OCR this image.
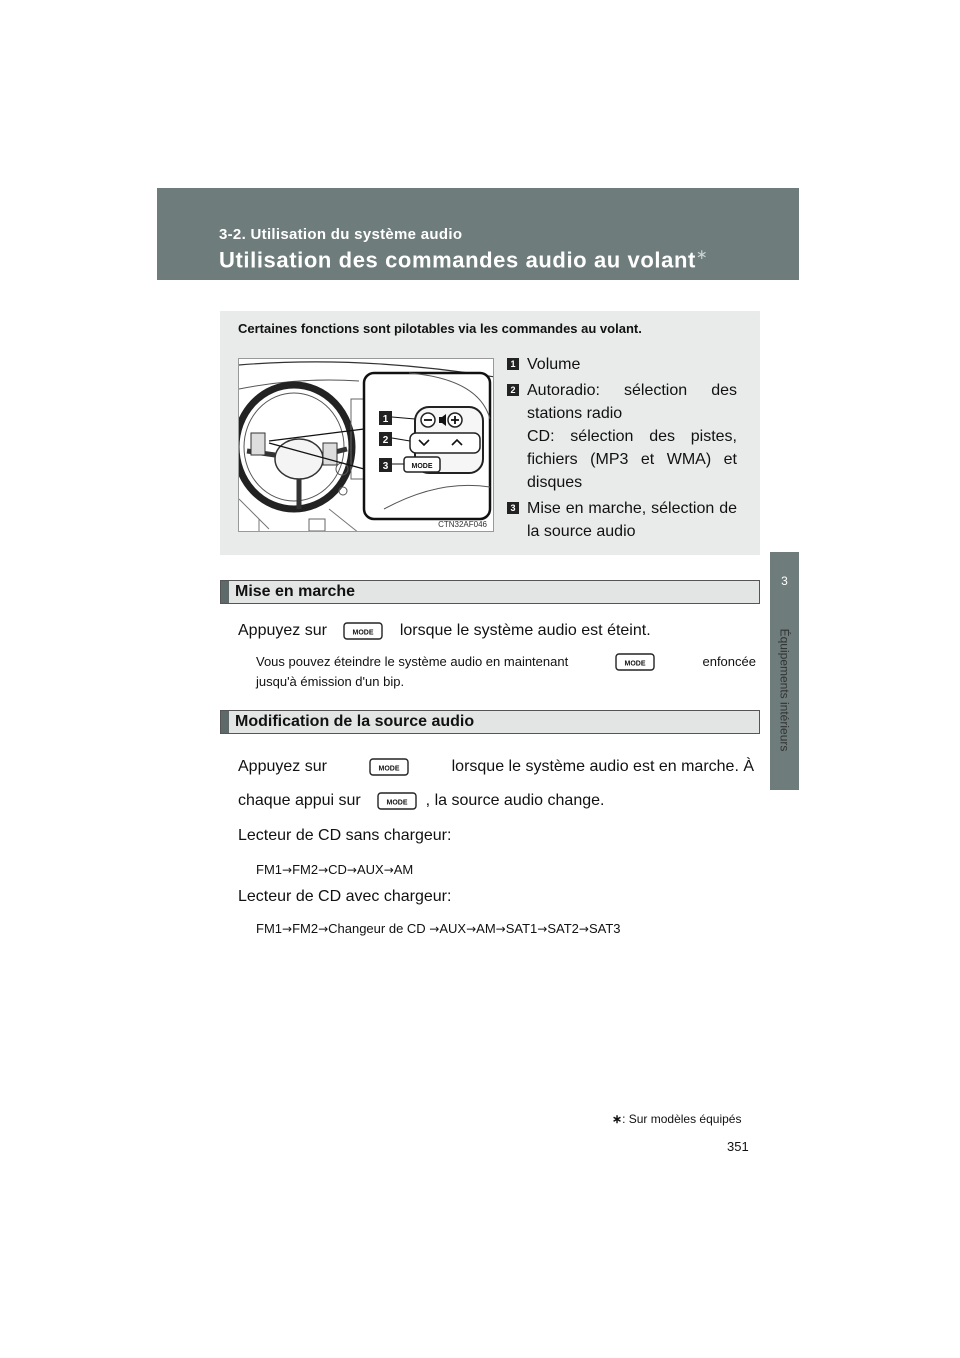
3-2. Utilisation du système audio
Utilisation des commandes audio au volant∗
3
Équipements intérieurs
Certaines fonctions sont pilotables via les commandes au volant.
MODE
1
2
3
CTN32AF046
1 Volume
2 Autoradio: sélection des stations radio
CD: sélection des pistes, fichiers (MP3 et WMA) et disques
3 Mise en marche, sélection de la source audio
Mise en marche
Appuyez sur	MODE lorsque le système audio est éteint.
Vous pouvez éteindre le système audio en maintenant	MODE	enfoncée
jusqu'à émission d'un bip.
Modification de la source audio
Appuyez sur	MODE	lorsque le système audio est en marche. À
chaque appui sur	MODE , la source audio change.
Lecteur de CD sans chargeur:
FM1→FM2→CD→AUX→AM
Lecteur de CD avec chargeur:
FM1→FM2→Changeur de CD →AUX→AM→SAT1→SAT2→SAT3
∗: Sur modèles équipés
351
